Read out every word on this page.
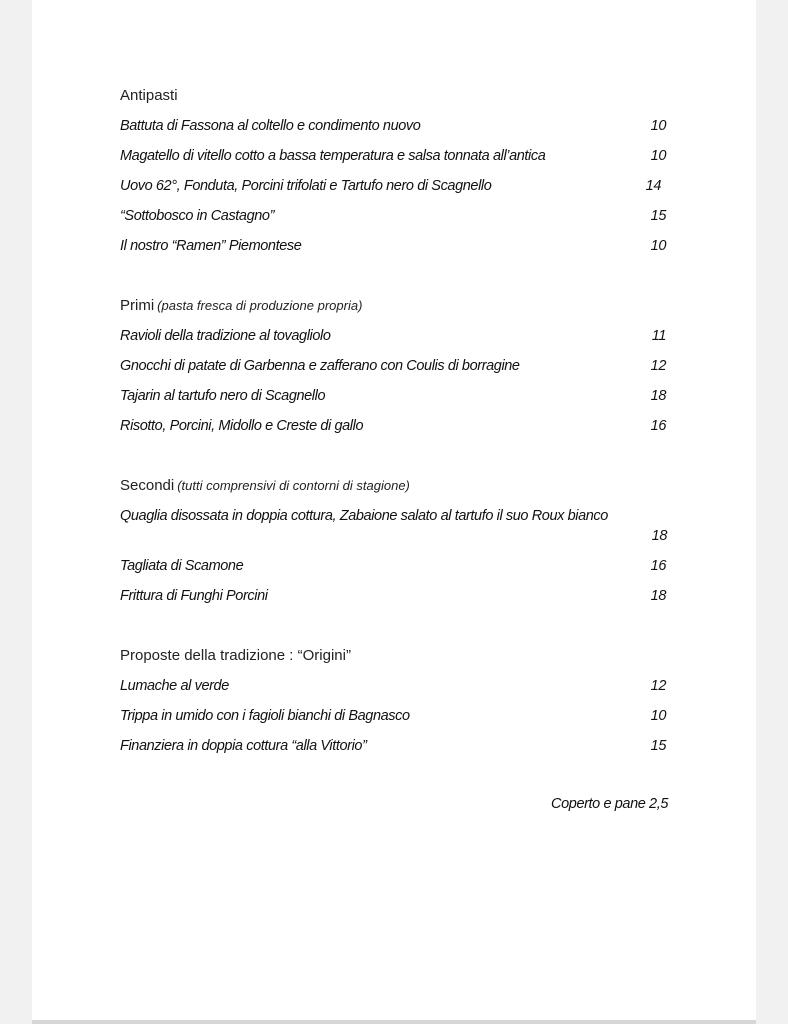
Antipasti
Battuta di Fassona al coltello e condimento nuovo	10
Magatello di vitello cotto a bassa temperatura e salsa tonnata all’antica	10
Uovo 62°, Fonduta, Porcini trifolati e Tartufo nero di Scagnello	14
“Sottobosco in Castagno”	15
Il nostro “Ramen” Piemontese	10
Primi (pasta fresca di produzione propria)
Ravioli della tradizione al tovagliolo	11
Gnocchi di patate di Garbenna e zafferano con Coulis di borragine	12
Tajarin al tartufo nero di Scagnello	18
Risotto, Porcini, Midollo e Creste di gallo	16
Secondi (tutti comprensivi di contorni di stagione)
Quaglia disossata in doppia cottura, Zabaione salato al tartufo il suo Roux bianco
18
Tagliata di Scamone	16
Frittura di Funghi Porcini	18
Proposte della tradizione : “Origini”
Lumache al verde	12
Trippa in umido con i fagioli bianchi di Bagnasco	10
Finanziera in doppia cottura “alla Vittorio”	15
Coperto e pane 2,5
